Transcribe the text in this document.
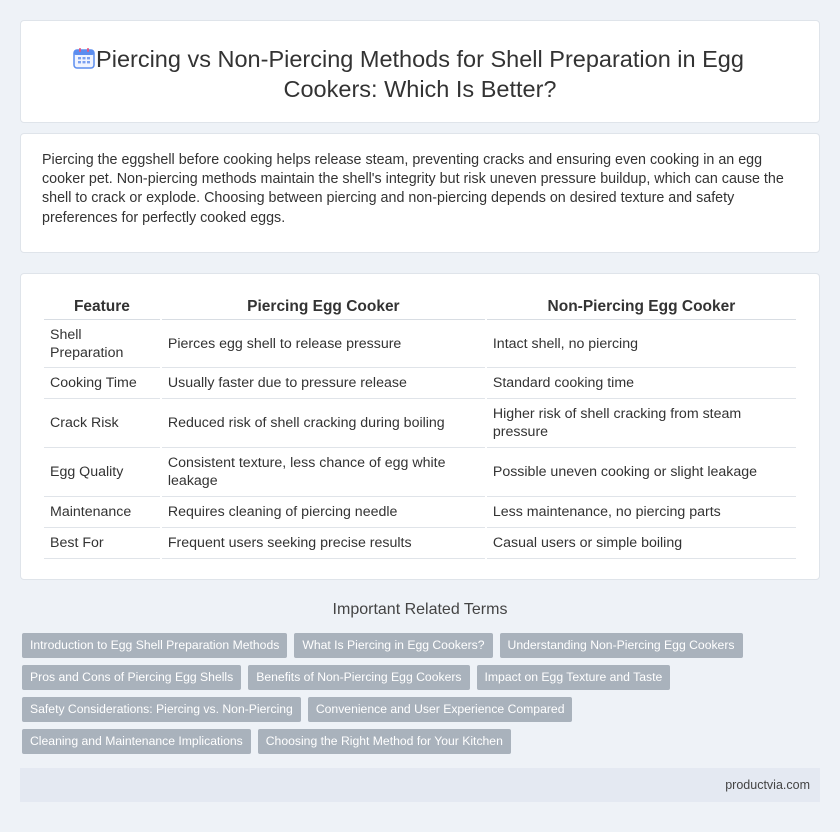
Piercing vs Non-Piercing Methods for Shell Preparation in Egg Cookers: Which Is Better?

Piercing the eggshell before cooking helps release steam, preventing cracks and ensuring even cooking in an egg cooker pet. Non-piercing methods maintain the shell's integrity but risk uneven pressure buildup, which can cause the shell to crack or explode. Choosing between piercing and non-piercing depends on desired texture and safety preferences for perfectly cooked eggs.

Feature	Piercing Egg Cooker	Non-Piercing Egg Cooker
Shell Preparation	Pierces egg shell to release pressure	Intact shell, no piercing
Cooking Time	Usually faster due to pressure release	Standard cooking time
Crack Risk	Reduced risk of shell cracking during boiling	Higher risk of shell cracking from steam pressure
Egg Quality	Consistent texture, less chance of egg white leakage	Possible uneven cooking or slight leakage
Maintenance	Requires cleaning of piercing needle	Less maintenance, no piercing parts
Best For	Frequent users seeking precise results	Casual users or simple boiling
Important Related Terms
Introduction to Egg Shell Preparation Methods	What Is Piercing in Egg Cookers?	Understanding Non-Piercing Egg Cookers
Pros and Cons of Piercing Egg Shells	Benefits of Non-Piercing Egg Cookers	Impact on Egg Texture and Taste
Safety Considerations: Piercing vs. Non-Piercing	Convenience and User Experience Compared
Cleaning and Maintenance Implications	Choosing the Right Method for Your Kitchen
productvia.com
